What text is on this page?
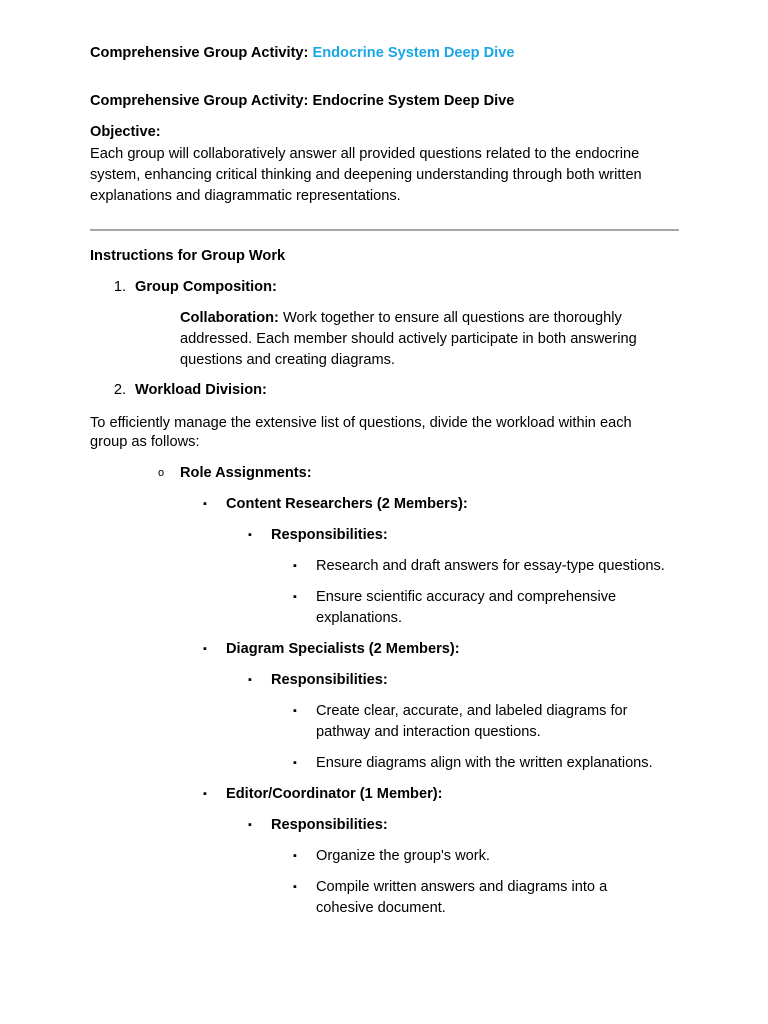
Comprehensive Group Activity: Endocrine System Deep Dive
Comprehensive Group Activity: Endocrine System Deep Dive
Objective:
Each group will collaboratively answer all provided questions related to the endocrine
system, enhancing critical thinking and deepening understanding through both written
explanations and diagrammatic representations.
Instructions for Group Work
1. Group Composition:
Collaboration: Work together to ensure all questions are thoroughly
addressed. Each member should actively participate in both answering
questions and creating diagrams.
2. Workload Division:
To efficiently manage the extensive list of questions, divide the workload within each
group as follows:
o Role Assignments:
▪ Content Researchers (2 Members):
▪ Responsibilities:
▪ Research and draft answers for essay-type questions.
▪ Ensure scientific accuracy and comprehensive
explanations.
▪ Diagram Specialists (2 Members):
▪ Responsibilities:
▪ Create clear, accurate, and labeled diagrams for
pathway and interaction questions.
▪ Ensure diagrams align with the written explanations.
▪ Editor/Coordinator (1 Member):
▪ Responsibilities:
▪ Organize the group's work.
▪ Compile written answers and diagrams into a
cohesive document.
